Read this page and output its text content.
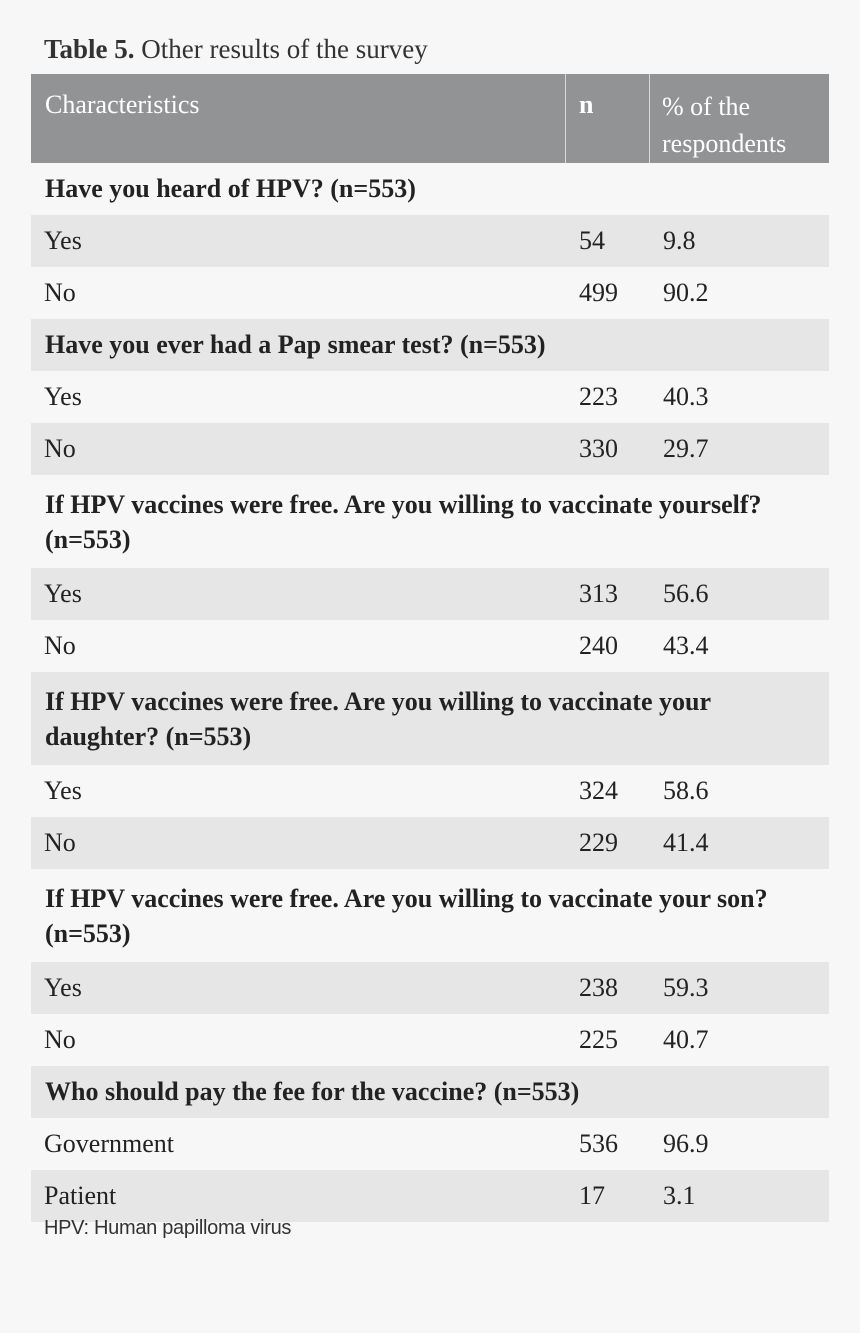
Table 5. Other results of the survey
Characteristics	n	% of the respondents
Have you heard of HPV? (n=553)
Yes	54	9.8
No	499	90.2
Have you ever had a Pap smear test? (n=553)
Yes	223	40.3
No	330	29.7
If HPV vaccines were free. Are you willing to vaccinate yourself? (n=553)
Yes	313	56.6
No	240	43.4
If HPV vaccines were free. Are you willing to vaccinate your daughter? (n=553)
Yes	324	58.6
No	229	41.4
If HPV vaccines were free. Are you willing to vaccinate your son? (n=553)
Yes	238	59.3
No	225	40.7
Who should pay the fee for the vaccine? (n=553)
Government	536	96.9
Patient	17	3.1
HPV: Human papilloma virus
